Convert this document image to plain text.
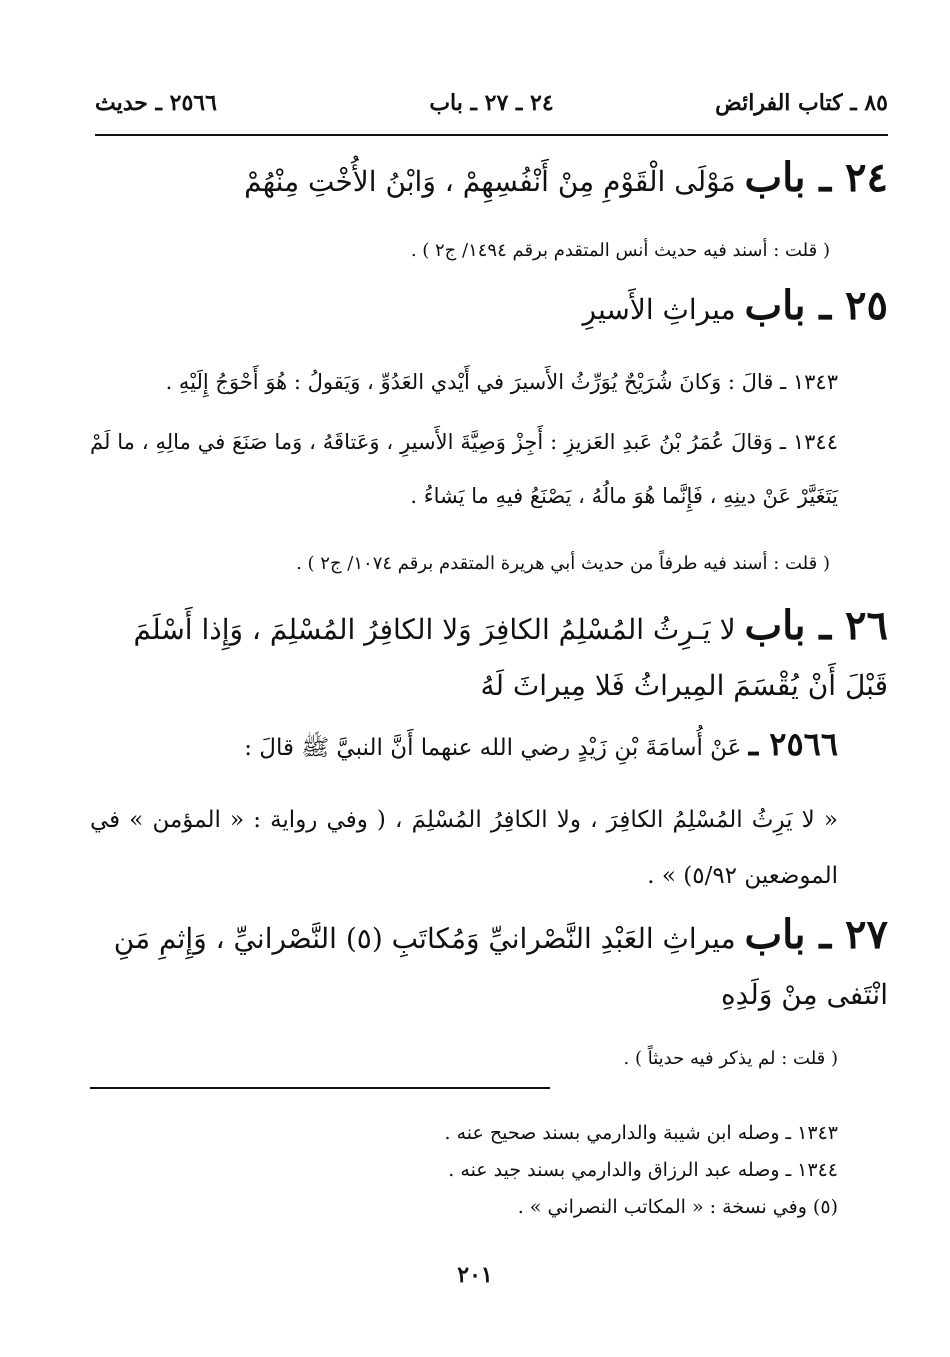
٨٥ ـ كتاب الفرائض
٢٤ ـ ٢٧ ـ باب
٢٥٦٦ ـ حديث
٢٤ ـ باب مَوْلَى الْقَوْمِ مِنْ أَنْفُسِهِمْ ، وَابْنُ الأُخْتِ مِنْهُمْ
( قلت : أسند فيه حديث أنس المتقدم برقم ١٤٩٤/ ج٢ ) .
٢٥ ـ باب ميراثِ الأَسيرِ
١٣٤٣ ـ قالَ : وَكانَ شُرَيْحٌ يُوَرِّثُ الأَسيرَ في أَيْدي العَدُوِّ ، وَيَقولُ : هُوَ أَحْوَجُ إِلَيْهِ .
١٣٤٤ ـ وَقالَ عُمَرُ بْنُ عَبدِ العَزيزِ : أَجِزْ وَصِيَّةَ الأَسيرِ ، وَعَتاقَهُ ، وَما صَنَعَ في مالِهِ ، ما لَمْ يَتَغَيَّرْ عَنْ دينِهِ ، فَإِنَّما هُوَ مالُهُ ، يَصْنَعُ فيهِ ما يَشاءُ .
( قلت : أسند فيه طرفاً من حديث أبي هريرة المتقدم برقم ١٠٧٤/ ج٢ ) .
٢٦ ـ باب لا يَـرِثُ المُسْلِمُ الكافِرَ وَلا الكافِرُ المُسْلِمَ ، وَإِذا أَسْلَمَ قَبْلَ أَنْ يُقْسَمَ المِيراثُ فَلا مِيراثَ لَهُ
٢٥٦٦ ـ عَنْ أُسامَةَ بْنِ زَيْدٍ رضي الله عنهما أَنَّ النبيَّ ﷺ قالَ :
« لا يَرِثُ المُسْلِمُ الكافِرَ ، ولا الكافِرُ المُسْلِمَ ، ( وفي رواية : « المؤمن » في الموضعين ٥/٩٢) » .
٢٧ ـ باب ميراثِ العَبْدِ النَّصْرانيِّ وَمُكاتَبِ (٥) النَّصْرانيِّ ، وَإِثمِ مَنِ انْتَفى مِنْ وَلَدِهِ
( قلت : لم يذكر فيه حديثاً ) .
١٣٤٣ ـ وصله ابن شيبة والدارمي بسند صحيح عنه .
١٣٤٤ ـ وصله عبد الرزاق والدارمي بسند جيد عنه .
(٥) وفي نسخة : « المكاتب النصراني » .
٢٠١
